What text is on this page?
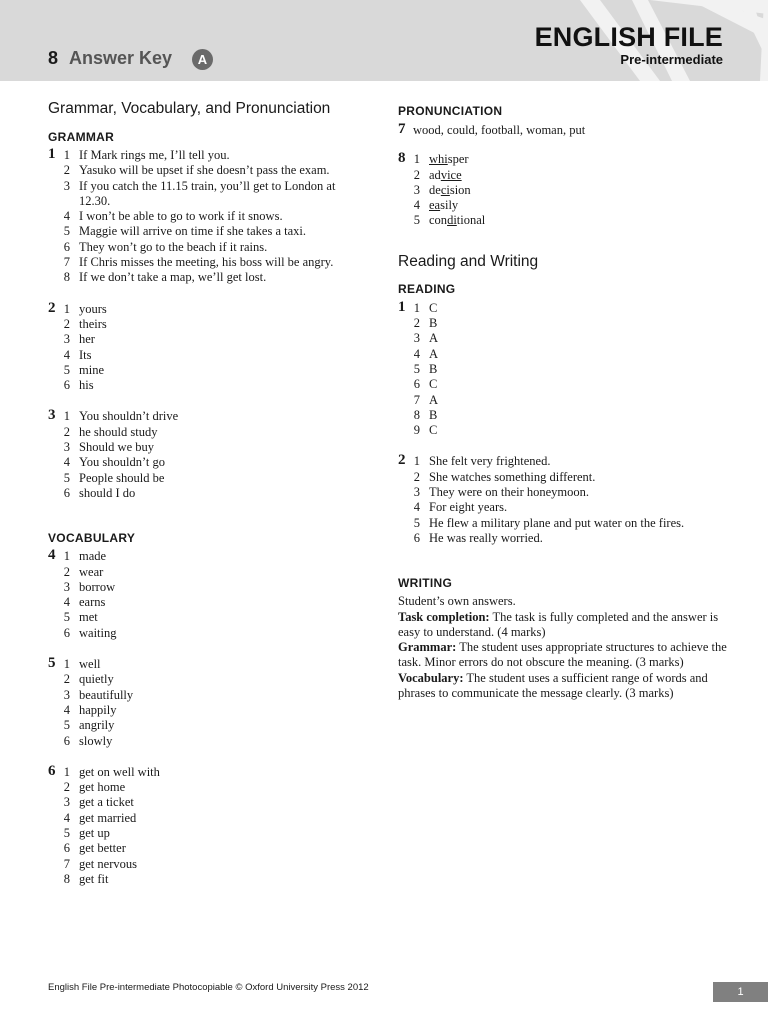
8 Answer Key	A
ENGLISH FILE
Pre-intermediate
Grammar, Vocabulary, and Pronunciation
GRAMMAR
1 1 If Mark rings me, I’ll tell you.
2 Yasuko will be upset if she doesn’t pass the exam.
3 If you catch the 11.15 train, you’ll get to London at
12.30.
4 I won’t be able to go to work if it snows.
5 Maggie will arrive on time if she takes a taxi.
6 They won’t go to the beach if it rains.
7 If Chris misses the meeting, his boss will be angry.
8 If we don’t take a map, we’ll get lost.
2 1 yours
2 theirs
3 her
4 Its
5 mine
6 his
3 1 You shouldn’t drive
2 he should study
3 Should we buy
4 You shouldn’t go
5 People should be
6 should I do
VOCABULARY
4 1 made
2 wear
3 borrow
4 earns
5 met
6 waiting
5 1 well
2 quietly
3 beautifully
4 happily
5 angrily
6 slowly
6 1 get on well with
2 get home
3 get a ticket
4 get married
5 get up
6 get better
7 get nervous
8 get fit
PRONUNCIATION
7 wood, could, football, woman, put
8 1 whisper
2 advice
3 decision
4 easily
5 conditional
Reading and Writing
READING
1 1 C
2 B
3 A
4 A
5 B
6 C
7 A
8 B
9 C
2 1 She felt very frightened.
2 She watches something different.
3 They were on their honeymoon.
4 For eight years.
5 He flew a military plane and put water on the fires.
6 He was really worried.
WRITING

Student’s own answers.

Task completion: The task is fully completed and the answer is easy to understand. (4 marks)

Grammar: The student uses appropriate structures to achieve the task. Minor errors do not obscure the meaning. (3 marks)

Vocabulary: The student uses a sufficient range of words and phrases to communicate the message clearly. (3 marks)

English File Pre-intermediate Photocopiable © Oxford University Press 2012	1
